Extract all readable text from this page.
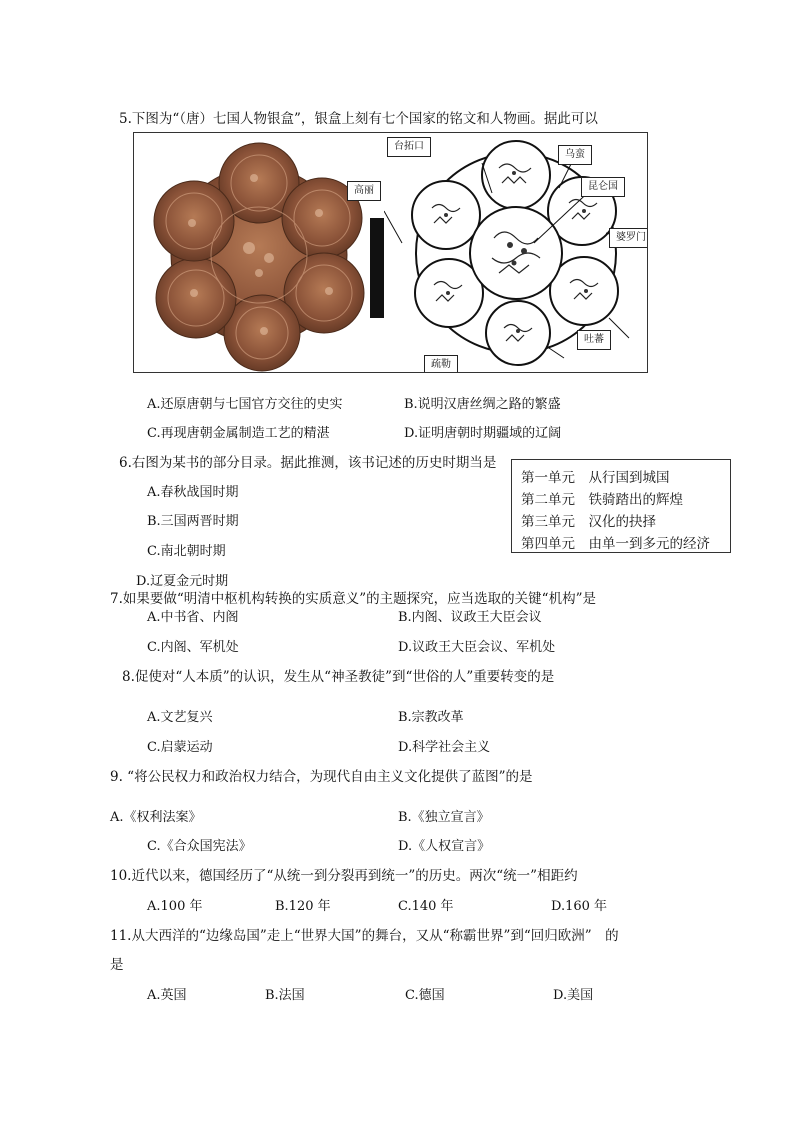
5.下图为“（唐）七国人物银盒”，银盒上刻有七个国家的铭文和人物画。据此可以
台拓口
乌蛮
昆仑国
高丽
婆罗门
吐蕃
疏勒
A.还原唐朝与七国官方交往的史实	B.说明汉唐丝绸之路的繁盛
C.再现唐朝金属制造工艺的精湛	D.证明唐朝时期疆域的辽阔
6.右图为某书的部分目录。据此推测，该书记述的历史时期当是
A.春秋战国时期
B.三国两晋时期
C.南北朝时期
D.辽夏金元时期
第一单元　从行国到城国
第二单元　铁骑踏出的辉煌
第三单元　汉化的抉择
第四单元　由单一到多元的经济
7.如果要做“明清中枢机构转换的实质意义”的主题探究，应当选取的关键“机构”是
A.中书省、内阁	B.内阁、议政王大臣会议
C.内阁、军机处	D.议政王大臣会议、军机处
8.促使对“人本质”的认识，发生从“神圣教徒”到“世俗的人”重要转变的是
A.文艺复兴	B.宗教改革
C.启蒙运动	D.科学社会主义
9. “将公民权力和政治权力结合，为现代自由主义文化提供了蓝图”的是
A.《权利法案》	B.《独立宣言》
C.《合众国宪法》	D.《人权宣言》
10.近代以来，德国经历了“从统一到分裂再到统一”的历史。两次“统一”相距约
A.100 年	B.120 年	C.140 年	D.160 年
11.从大西洋的“边缘岛国”走上“世界大国”的舞台，又从“称霸世界”到“回归欧洲”　的
是
A.英国	B.法国	C.德国	D.美国
